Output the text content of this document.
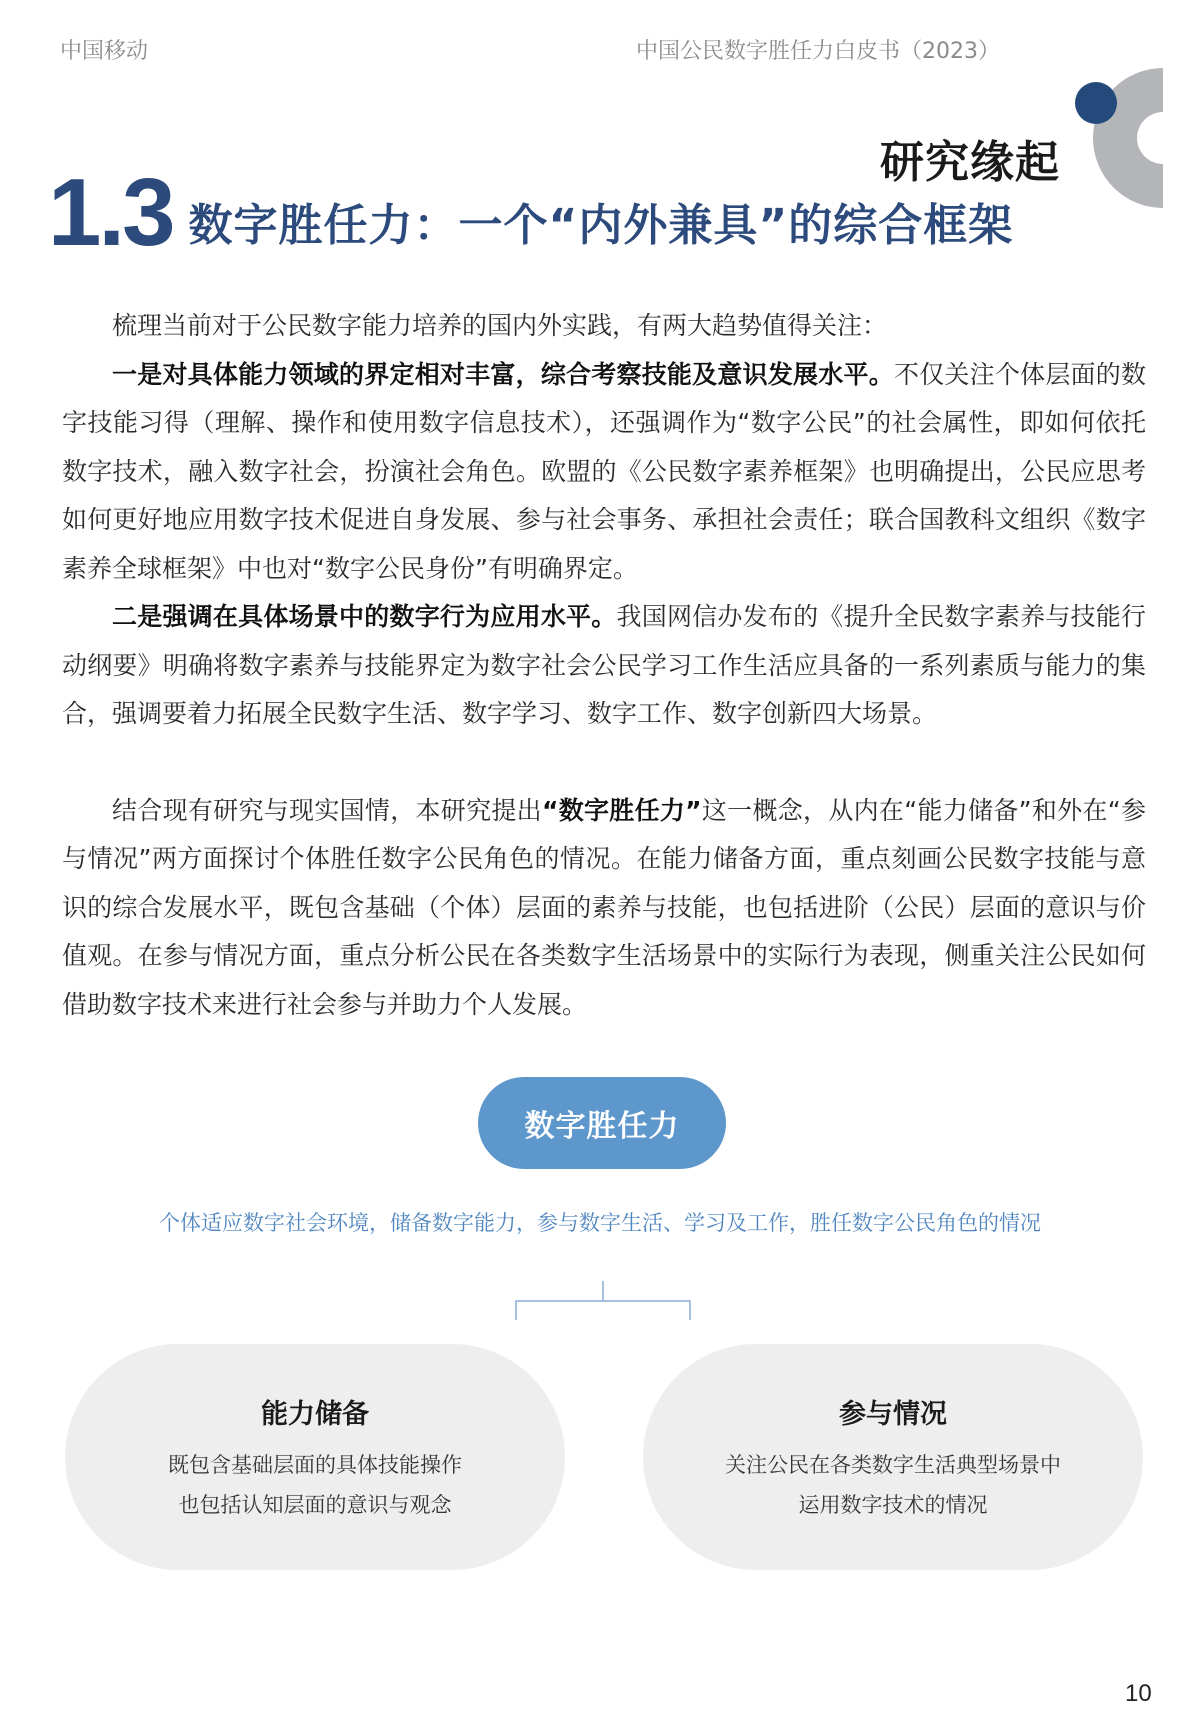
中国移动	中国公民数字胜任力白皮书（2023）
研究缘起
1.3 数字胜任力：一个“内外兼具”的综合框架

梳理当前对于公民数字能力培养的国内外实践，有两大趋势值得关注：

一是对具体能力领域的界定相对丰富，综合考察技能及意识发展水平。不仅关注个体层面的数字技能习得（理解、操作和使用数字信息技术），还强调作为“数字公民”的社会属性，即如何依托数字技术，融入数字社会，扮演社会角色。欧盟的《公民数字素养框架》也明确提出，公民应思考如何更好地应用数字技术促进自身发展、参与社会事务、承担社会责任；联合国教科文组织《数字素养全球框架》中也对“数字公民身份”有明确界定。

二是强调在具体场景中的数字行为应用水平。我国网信办发布的《提升全民数字素养与技能行动纲要》明确将数字素养与技能界定为数字社会公民学习工作生活应具备的一系列素质与能力的集合，强调要着力拓展全民数字生活、数字学习、数字工作、数字创新四大场景。

结合现有研究与现实国情，本研究提出“数字胜任力”这一概念，从内在“能力储备”和外在“参与情况”两方面探讨个体胜任数字公民角色的情况。在能力储备方面，重点刻画公民数字技能与意识的综合发展水平，既包含基础（个体）层面的素养与技能，也包括进阶（公民）层面的意识与价值观。在参与情况方面，重点分析公民在各类数字生活场景中的实际行为表现，侧重关注公民如何借助数字技术来进行社会参与并助力个人发展。

数字胜任力
个体适应数字社会环境，储备数字能力，参与数字生活、学习及工作，胜任数字公民角色的情况
能力储备
既包含基础层面的具体技能操作
也包括认知层面的意识与观念
参与情况
关注公民在各类数字生活典型场景中
运用数字技术的情况
10
